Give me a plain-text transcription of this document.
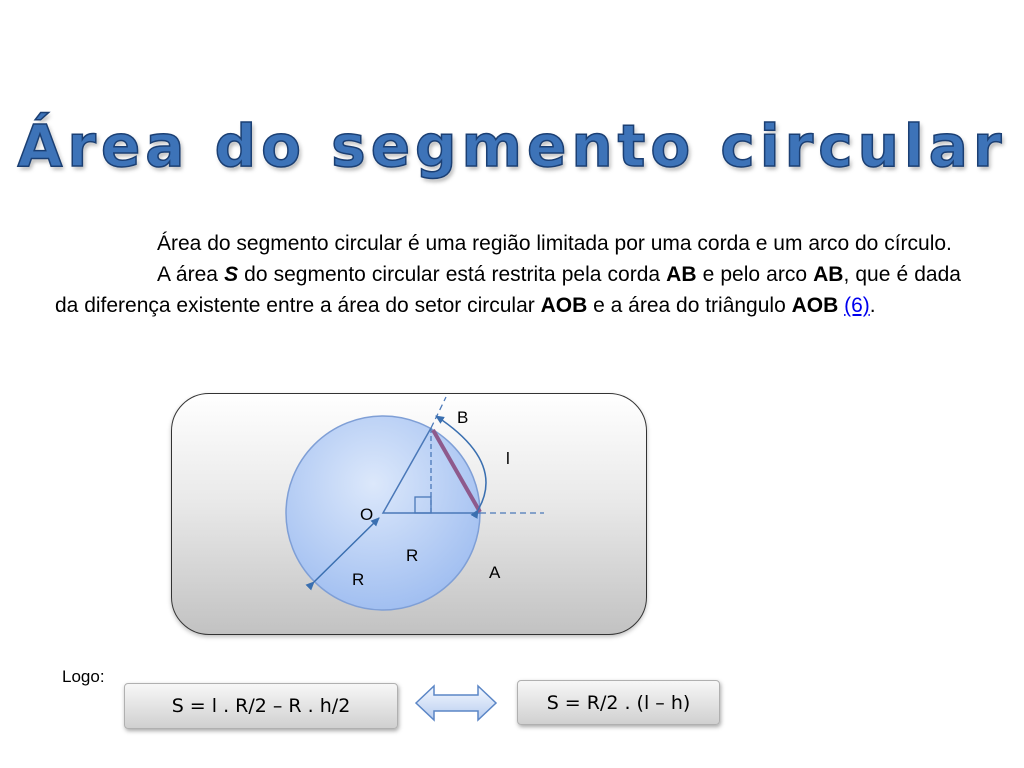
Área do segmento circular

Área do segmento circular é uma região limitada por uma corda e um arco do círculo.

A área S do segmento circular está restrita pela corda AB e pelo arco AB, que é dada da diferença existente entre a área do setor circular AOB e a área do triângulo AOB (6).

B
l
O
R
A
R
Logo:
S = l . R/2 – R . h/2	S = R/2 . (l – h)
